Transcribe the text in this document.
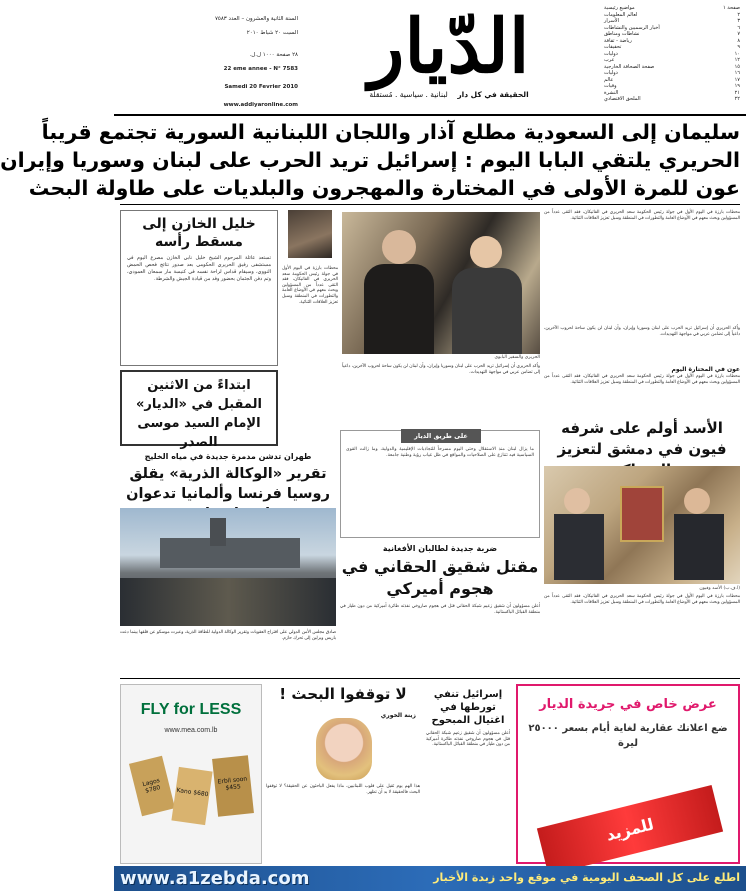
السنة الثانية والعشرون – العدد ٧٥٨٣
السبت ٢٠ شباط ٢٠١٠
٢٨ صفحة ١٠٠٠ ل.ل.
22 eme annee - N° 7583
Samedi 20 Fevrier 2010
www.addiyaronline.com
الدّيار
الحقيقة في كل دار    لبنانية . سياسية . مُستقلة
صفحة ١
مواضيع رئيسية
٢
لعالم المعلومات
٣
الأسرار
٦
أخبار الرسميين والنشاطات
٧
نشاطات ومناطق
٨
رياضة - ثقافة
٩
تحقيقات
١٠
دوليات
١٢
عرب
١٥
صفحة الصحافة الخارجية
١٦
دوليات
١٧
عالم
١٩
وفيات
٢١
النشرة
٢٢
الملحق الاقتصادي
سليمان إلى السعودية مطلع آذار واللجان اللبنانية السورية تجتمع قريباً
الحريري يلتقي البابا اليوم : إسرائيل تريد الحرب على لبنان وسوريا وإيران
عون للمرة الأولى في المختارة والمهجرون والبلديات على طاولة البحث
محطات بارزة في اليوم الأول في جولة رئيس الحكومة سعد الحريري في الفاتيكان، فقد التقى عدداً من المسؤولين وبحث معهم في الأوضاع العامة والتطورات في المنطقة وسبل تعزيز العلاقات الثنائية.
وأكد الحريري أن إسرائيل تريد الحرب على لبنان وسوريا وإيران، وأن لبنان لن يكون ساحة لحروب الآخرين، داعياً إلى تضامن عربي في مواجهة التهديدات.
عون في المختارة اليوم
محطات بارزة في اليوم الأول في جولة رئيس الحكومة سعد الحريري في الفاتيكان، فقد التقى عدداً من المسؤولين وبحث معهم في الأوضاع العامة والتطورات في المنطقة وسبل تعزيز العلاقات الثنائية.
الحريري والسفير البابوي
وأكد الحريري أن إسرائيل تريد الحرب على لبنان وسوريا وإيران، وأن لبنان لن يكون ساحة لحروب الآخرين، داعياً إلى تضامن عربي في مواجهة التهديدات.
محطات بارزة في اليوم الأول في جولة رئيس الحكومة سعد الحريري في الفاتيكان، فقد التقى عدداً من المسؤولين وبحث معهم في الأوضاع العامة والتطورات في المنطقة وسبل تعزيز العلاقات الثنائية.
خليل الخازن إلى مسقط رأسه
تستعد عائلة المرحوم الشيخ خليل نابي الخازن مصرع اليوم في مستشفى رفيق الحريري الحكومي بعد صدور نتائج فحص الحمض النووي، وسيقام قداس لراحة نفسه في كنيسة مار سمعان العمودي، وتم دفن الجثمان بحضور وفد من قيادة الجيش والشرطة.
ابتداءً من الاثنين المقبل في «الديار» الإمام السيد موسى الصدر
طهران تدشن مدمرة جديدة في مياه الخليج
تقرير «الوكالة الذرية» يقلق روسيا فرنسا وألمانيا تدعوان
صادق مجلس الأمن الدولي على اقتراح العقوبات وتقرير الوكالة الدولية للطاقة الذرية، وعبرت موسكو عن قلقها بينما دعت باريس وبرلين إلى تحرك حازم.
على طريق الديار
ما يزال لبنان منذ الاستقلال وحتى اليوم مسرحاً للتجاذبات الإقليمية والدولية، وما زالت القوى السياسية فيه تتنازع على الصلاحيات والمواقع في ظل غياب رؤية وطنية جامعة.
الأسد أولم على شرفه فيون في دمشق لتعزيز
(ا.ف.ب) الأسد وفيون
محطات بارزة في اليوم الأول في جولة رئيس الحكومة سعد الحريري في الفاتيكان، فقد التقى عدداً من المسؤولين وبحث معهم في الأوضاع العامة والتطورات في المنطقة وسبل تعزيز العلاقات الثنائية.
ضربة جديدة لطالبان الأفغانية
مقتل شقيق الحقاني في هجوم أميركي
أعلن مسؤولون أن شقيق زعيم شبكة الحقاني قتل في هجوم صاروخي نفذته طائرة أميركية من دون طيار في منطقة القبائل الباكستانية.
FLY for LESS
www.mea.com.lb
Lagos $780	Kano $680
Erbil soon $455
لا توقفوا البحث !
زينة الخوري
هذا الهم يوم ثقيل على قلوب اللبنانيين، ماذا يفعل الباحثون عن الحقيقة؟ لا توقفوا البحث فالحقيقة لا بد أن تظهر.
إسرائيل تنفي تورطها في اغتيال المبحوح
أعلن مسؤولون أن شقيق زعيم شبكة الحقاني قتل في هجوم صاروخي نفذته طائرة أميركية من دون طيار في منطقة القبائل الباكستانية.
عرض خاص في جريدة الديار
ضع اعلانك عقارية لغاية أيام بسعر ٢٥٠٠٠ ليرة
للمزيد
www.a1zebda.com	اطلع على كل الصحف اليومية في موقع واحد زبدة الأخبار
